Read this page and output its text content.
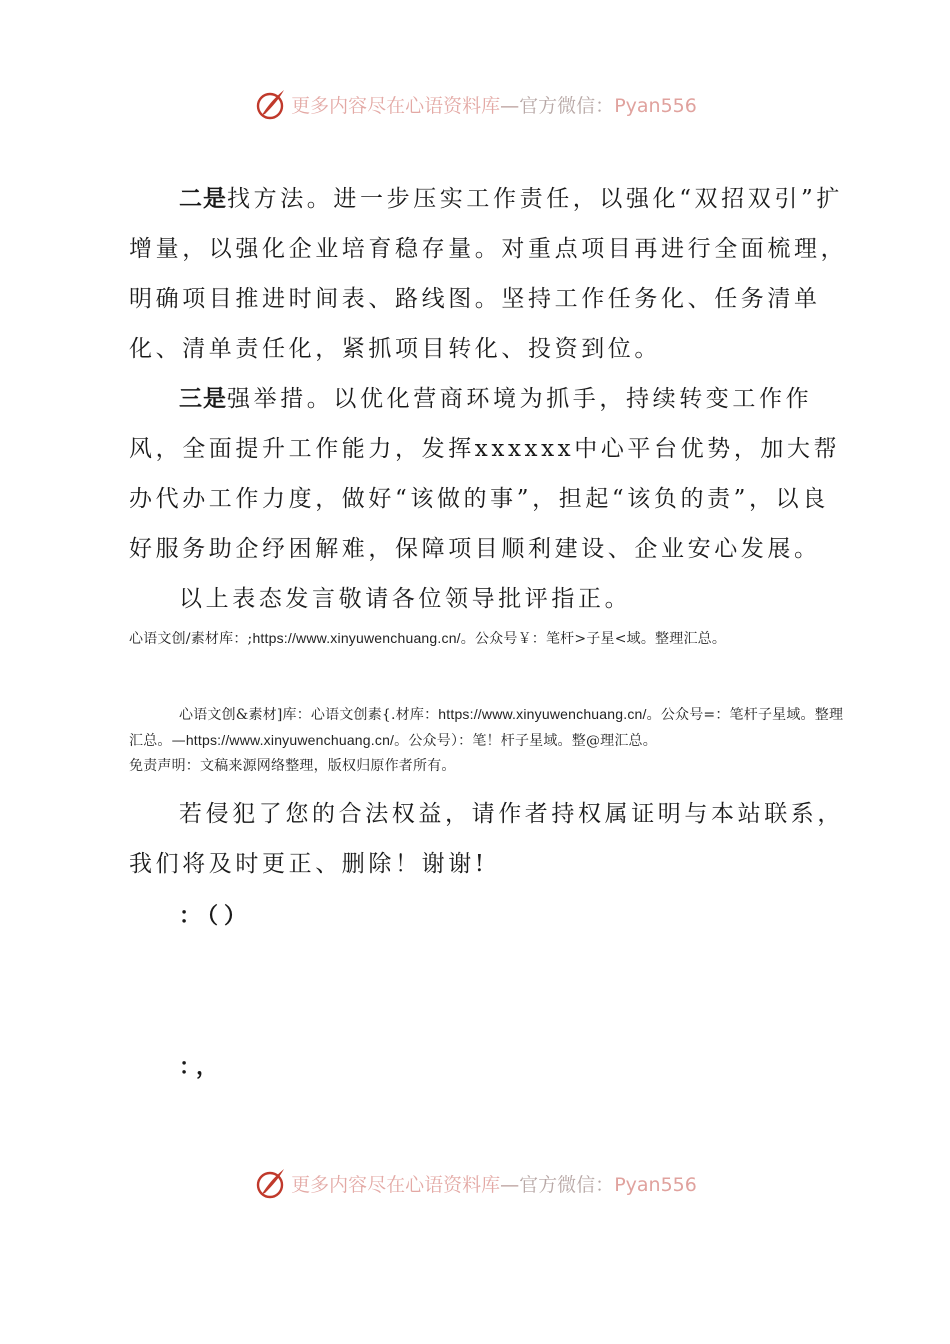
更多内容尽在心语资料库—官方微信：Pyan556

二是找方法。进一步压实工作责任，以强化“双招双引”扩增量，以强化企业培育稳存量。对重点项目再进行全面梳理，明确项目推进时间表、路线图。坚持工作任务化、任务清单化、清单责任化，紧抓项目转化、投资到位。

三是强举措。以优化营商环境为抓手，持续转变工作作风，全面提升工作能力，发挥xxxxxx中心平台优势，加大帮办代办工作力度，做好“该做的事”，担起“该负的责”，以良好服务助企纾困解难，保障项目顺利建设、企业安心发展。

以上表态发言敬请各位领导批评指正。

心语文创/素材库：;https://www.xinyuwenchuang.cn/。公众号￥：笔杆>子星<域。整理汇总。

心语文创&素材]库：心语文创素{.材库：https://www.xinyuwenchuang.cn/。公众号=：笔杆子星域。整理汇总。—https://www.xinyuwenchuang.cn/。公众号）：笔！杆子星域。整@理汇总。

免责声明：文稿来源网络整理，版权归原作者所有。

若侵犯了您的合法权益，请作者持权属证明与本站联系，我们将及时更正、删除！谢谢!

：（）

：，

更多内容尽在心语资料库—官方微信：Pyan556
